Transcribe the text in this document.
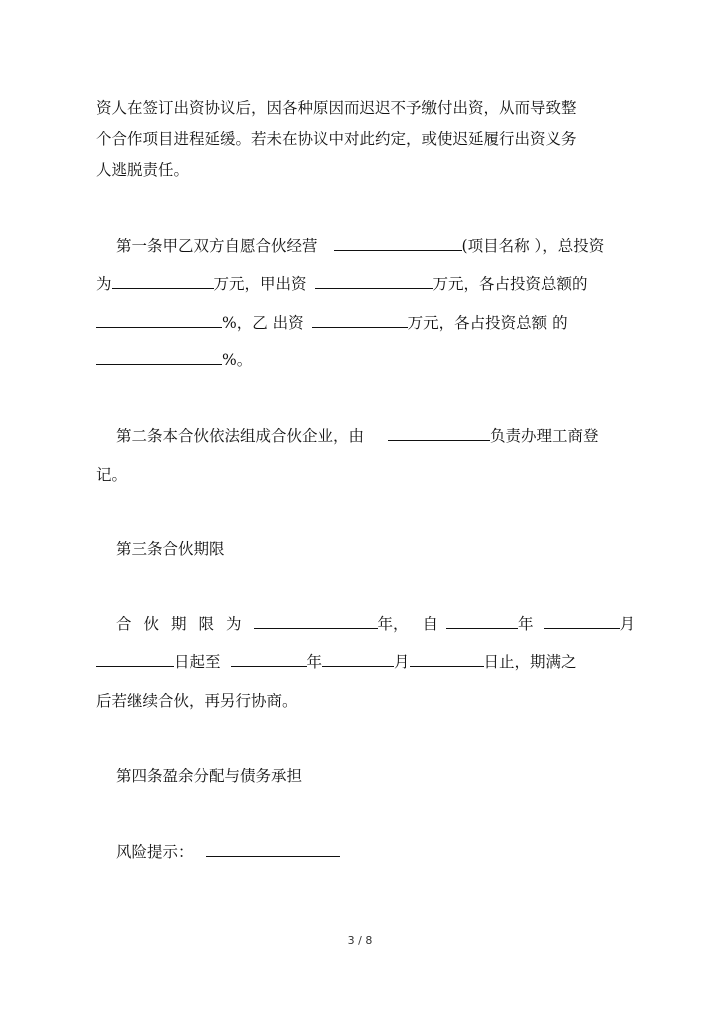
资人在签订出资协议后，因各种原因而迟迟不予缴付出资，从而导致整
个合作项目进程延缓。若未在协议中对此约定，或使迟延履行出资义务
人逃脱责任。
第一条甲乙双方自愿合伙经营	(项目名称 ），总投资
为	万元，甲出资	万元，各占投资总额的
%，乙 出资	万元，各占投资总额 的
%。
第二条本合伙依法组成合伙企业，由	负责办理工商登
记。
第三条合伙期限
合伙期限为	年， 自	年	月
日起至	年	月	日止，期满之
后若继续合伙，再另行协商。
第四条盈余分配与债务承担
风险提示：
3 / 8
